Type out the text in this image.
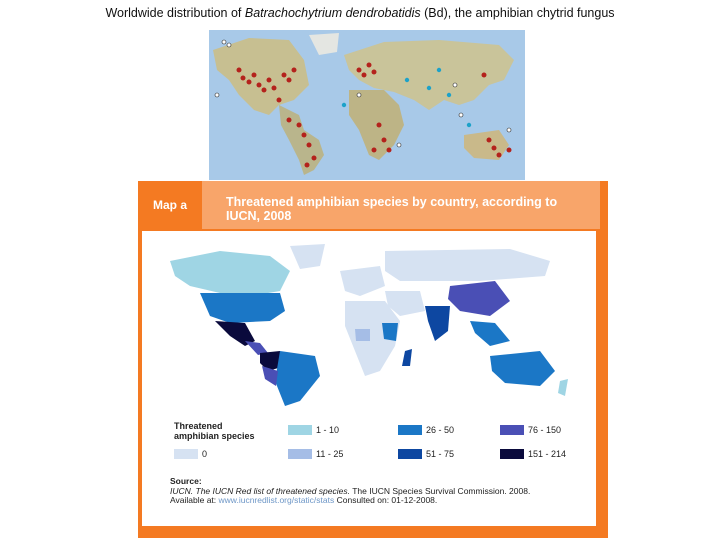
Worldwide distribution of Batrachochytrium dendrobatidis (Bd), the amphibian chytrid fungus
Map a	Threatened amphibian species by country, according to IUCN, 2008
Threatened amphibian species
0
1 - 10
11 - 25
26 - 50
51 - 75
76 - 150
151 - 214
Source:
IUCN. The IUCN Red list of threatened species. The IUCN Species Survival Commission. 2008.
Available at: www.iucnredlist.org/static/stats Consulted on: 01-12-2008.
